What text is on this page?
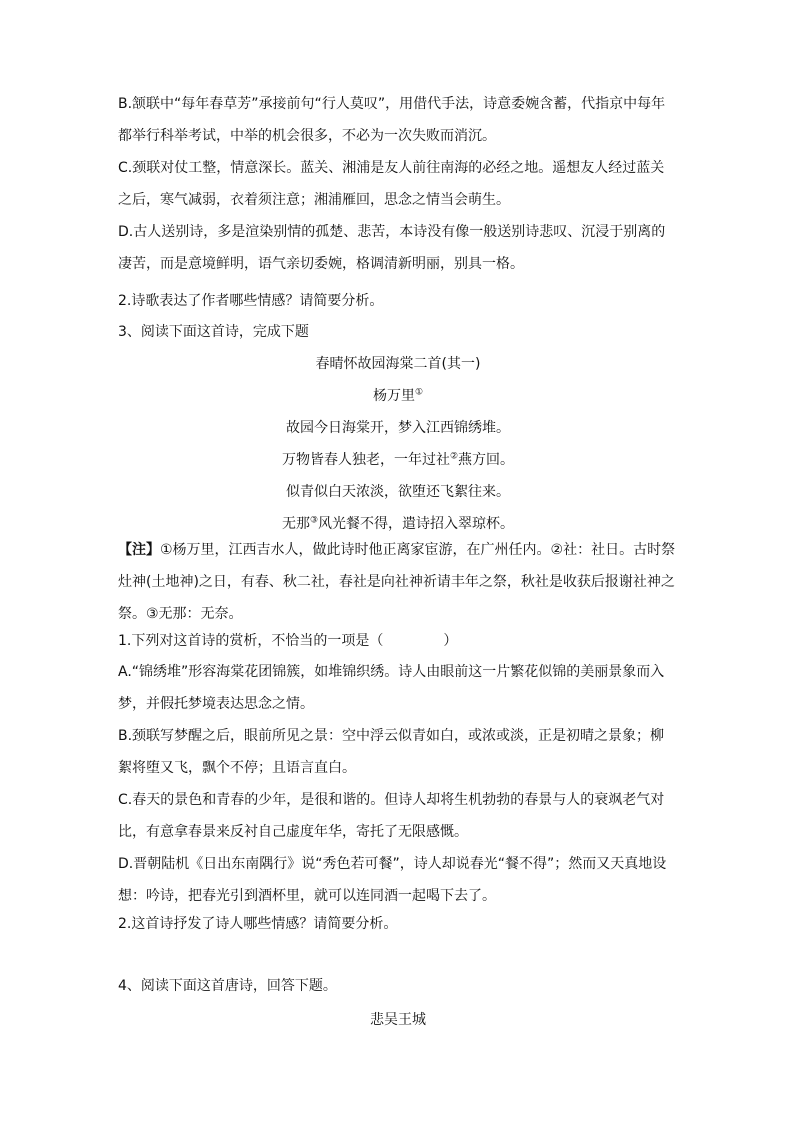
B.颔联中“每年春草芳”承接前句“行人莫叹”，用借代手法，诗意委婉含蓄，代指京中每年都举行科举考试，中举的机会很多，不必为一次失败而消沉。

C.颈联对仗工整，情意深长。蓝关、湘浦是友人前往南海的必经之地。遥想友人经过蓝关之后，寒气减弱，衣着须注意；湘浦雁回，思念之情当会萌生。

D.古人送别诗，多是渲染别情的孤楚、悲苦，本诗没有像一般送别诗悲叹、沉浸于别离的凄苦，而是意境鲜明，语气亲切委婉，格调清新明丽，别具一格。

2.诗歌表达了作者哪些情感？请简要分析。

3、阅读下面这首诗，完成下题

春晴怀故园海棠二首(其一)

杨万里①

故园今日海棠开，梦入江西锦绣堆。

万物皆春人独老，一年过社②燕方回。

似青似白天浓淡，欲堕还飞絮往来。

无那③风光餐不得，遣诗招入翠琼杯。

【注】①杨万里，江西吉水人，做此诗时他正离家宦游，在广州任内。②社：社日。古时祭灶神(土地神)之日，有春、秋二社，春社是向社神祈请丰年之祭，秋社是收获后报谢社神之祭。③无那：无奈。

1.下列对这首诗的赏析，不恰当的一项是（	）

A.“锦绣堆”形容海棠花团锦簇，如堆锦织绣。诗人由眼前这一片繁花似锦的美丽景象而入梦，并假托梦境表达思念之情。

B.颈联写梦醒之后，眼前所见之景：空中浮云似青如白，或浓或淡，正是初晴之景象；柳絮将堕又飞，飘个不停；且语言直白。

C.春天的景色和青春的少年，是很和谐的。但诗人却将生机勃勃的春景与人的衰飒老气对比，有意拿春景来反衬自己虚度年华，寄托了无限感慨。

D.晋朝陆机《日出东南隅行》说“秀色若可餐”，诗人却说春光“餐不得”；然而又天真地设想：吟诗，把春光引到酒杯里，就可以连同酒一起喝下去了。

2.这首诗抒发了诗人哪些情感？请简要分析。

4、阅读下面这首唐诗，回答下题。

悲吴王城
